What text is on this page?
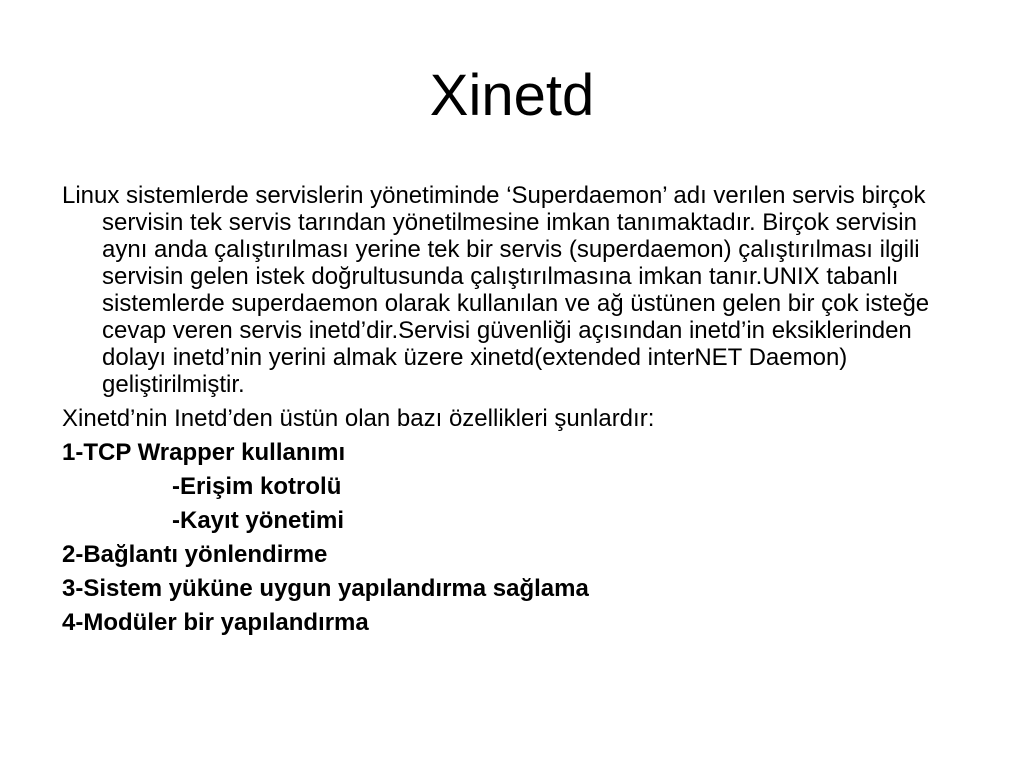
Xinetd

Linux sistemlerde servislerin yönetiminde ‘Superdaemon’ adı verılen servis birçok servisin tek servis tarından yönetilmesine imkan tanımaktadır. Birçok servisin aynı anda çalıştırılması yerine tek bir servis (superdaemon) çalıştırılması ilgili servisin gelen istek doğrultusunda çalıştırılmasına imkan tanır.UNIX tabanlı sistemlerde superdaemon olarak kullanılan ve ağ üstünen gelen bir çok isteğe cevap veren servis inetd’dir.Servisi güvenliği açısından inetd’in eksiklerinden dolayı inetd’nin yerini almak üzere xinetd(extended interNET Daemon) geliştirilmiştir.

Xinetd’nin Inetd’den üstün olan bazı özellikleri şunlardır:

1-TCP Wrapper kullanımı

-Erişim kotrolü

-Kayıt yönetimi

2-Bağlantı yönlendirme

3-Sistem yüküne uygun yapılandırma sağlama

4-Modüler bir yapılandırma
